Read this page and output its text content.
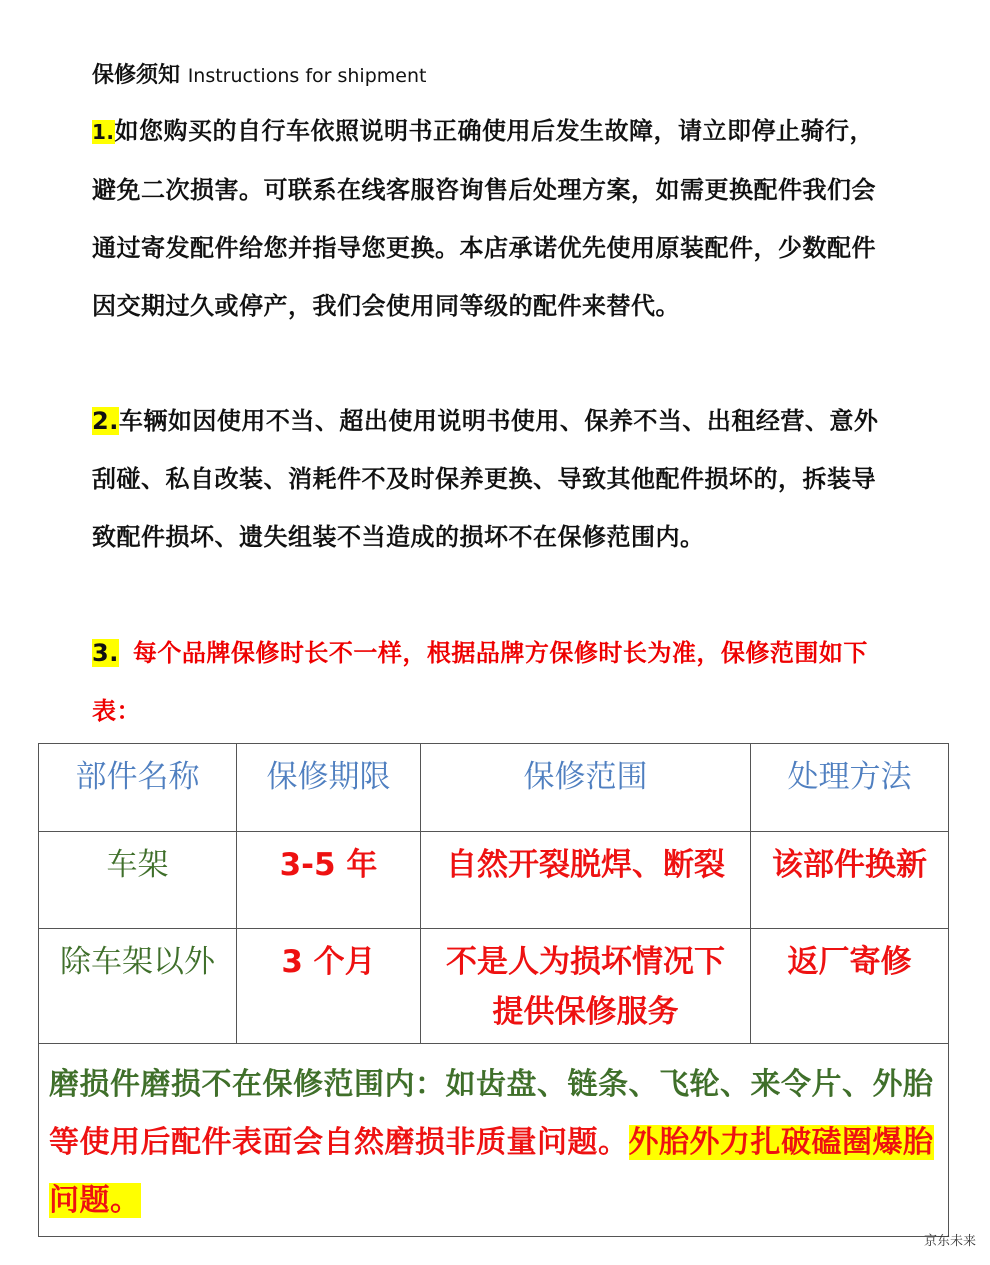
保修须知 Instructions for shipment
1.如您购买的自行车依照说明书正确使用后发生故障，请立即停止骑行，避免二次损害。可联系在线客服咨询售后处理方案，如需更换配件我们会通过寄发配件给您并指导您更换。本店承诺优先使用原装配件，少数配件因交期过久或停产，我们会使用同等级的配件来替代。
2.车辆如因使用不当、超出使用说明书使用、保养不当、出租经营、意外刮碰、私自改装、消耗件不及时保养更换、导致其他配件损坏的，拆装导致配件损坏、遗失组装不当造成的损坏不在保修范围内。
3. 每个品牌保修时长不一样，根据品牌方保修时长为准，保修范围如下表：
部件名称	保修期限	保修范围	处理方法
车架	3-5 年	自然开裂脱焊、断裂	该部件换新
除车架以外	3 个月	不是人为损坏情况下提供保修服务	返厂寄修
磨损件磨损不在保修范围内：如齿盘、链条、飞轮、来令片、外胎等使用后配件表面会自然磨损非质量问题。外胎外力扎破磕圈爆胎问题。			
京东未来
